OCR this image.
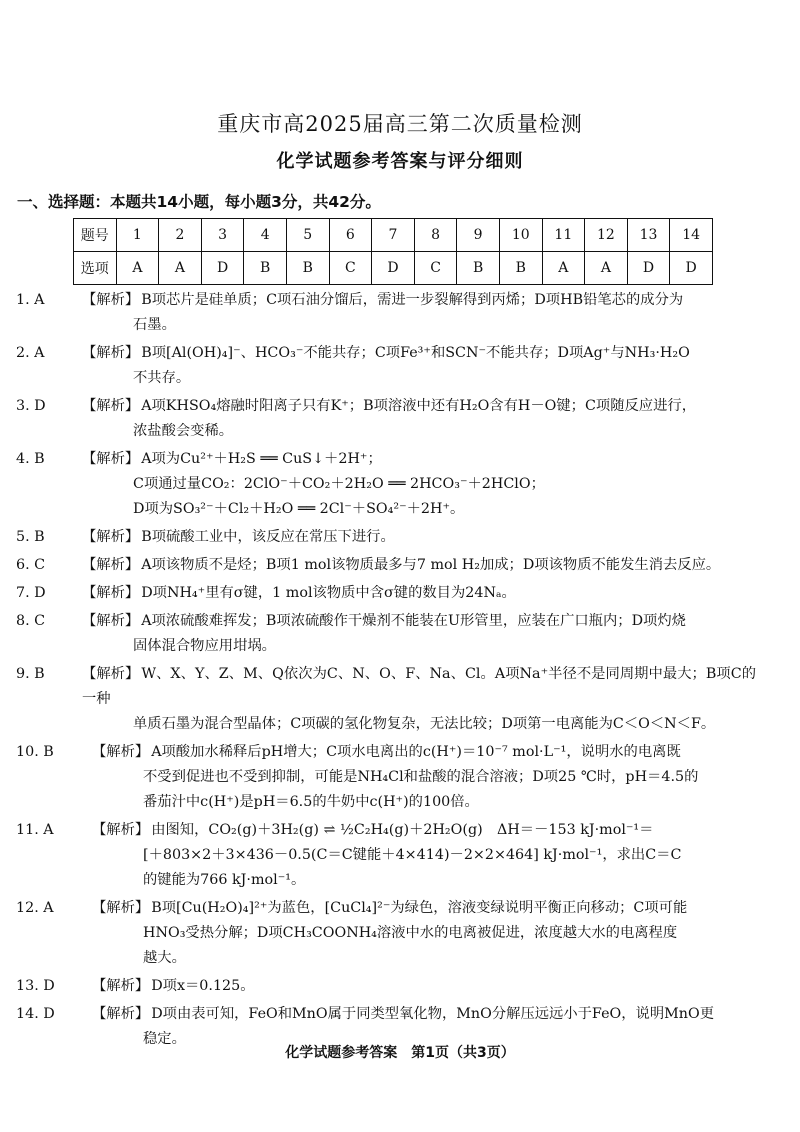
重庆市高2025届高三第二次质量检测
化学试题参考答案与评分细则
一、选择题：本题共14小题，每小题3分，共42分。
题号	1	2	3	4	5	6	7	8	9	10	11	12	13	14
选项	A	A	D	B	B	C	D	C	B	B	A	A	D	D
1. A	【解析】 B项芯片是硅单质；C项石油分馏后，需进一步裂解得到丙烯；D项HB铅笔芯的成分为
石墨。
2. A	【解析】 B项[Al(OH)₄]⁻、HCO₃⁻不能共存；C项Fe³⁺和SCN⁻不能共存；D项Ag⁺与NH₃·H₂O
不共存。
3. D	【解析】 A项KHSO₄熔融时阳离子只有K⁺；B项溶液中还有H₂O含有H－O键；C项随反应进行，
浓盐酸会变稀。
4. B	【解析】 A项为Cu²⁺＋H₂S ══ CuS↓＋2H⁺；
C项通过量CO₂：2ClO⁻＋CO₂＋2H₂O ══ 2HCO₃⁻＋2HClO；
D项为SO₃²⁻＋Cl₂＋H₂O ══ 2Cl⁻＋SO₄²⁻＋2H⁺。
5. B	【解析】 B项硫酸工业中，该反应在常压下进行。
6. C	【解析】 A项该物质不是烃；B项1 mol该物质最多与7 mol H₂加成；D项该物质不能发生消去反应。
7. D	【解析】 D项NH₄⁺里有σ键，1 mol该物质中含σ键的数目为24Nₐ。
8. C	【解析】 A项浓硫酸难挥发；B项浓硫酸作干燥剂不能装在U形管里，应装在广口瓶内；D项灼烧
固体混合物应用坩埚。
9. B	【解析】 W、X、Y、Z、M、Q依次为C、N、O、F、Na、Cl。A项Na⁺半径不是同周期中最大；B项C的一种
单质石墨为混合型晶体；C项碳的氢化物复杂，无法比较；D项第一电离能为C＜O＜N＜F。
10. B	【解析】 A项酸加水稀释后pH增大；C项水电离出的c(H⁺)＝10⁻⁷ mol·L⁻¹，说明水的电离既
不受到促进也不受到抑制，可能是NH₄Cl和盐酸的混合溶液；D项25 ℃时，pH＝4.5的
番茄汁中c(H⁺)是pH＝6.5的牛奶中c(H⁺)的100倍。
11. A	【解析】 由图知，CO₂(g)＋3H₂(g) ⇌ ½C₂H₄(g)＋2H₂O(g)　ΔH＝－153 kJ·mol⁻¹＝
[＋803×2＋3×436－0.5(C＝C键能＋4×414)－2×2×464] kJ·mol⁻¹，求出C＝C
的键能为766 kJ·mol⁻¹。
12. A	【解析】 B项[Cu(H₂O)₄]²⁺为蓝色，[CuCl₄]²⁻为绿色，溶液变绿说明平衡正向移动；C项可能
HNO₃受热分解；D项CH₃COONH₄溶液中水的电离被促进，浓度越大水的电离程度
越大。
13. D	【解析】 D项x＝0.125。
14. D	【解析】 D项由表可知，FeO和MnO属于同类型氧化物，MnO分解压远远小于FeO，说明MnO更
稳定。
化学试题参考答案　第1页（共3页）
